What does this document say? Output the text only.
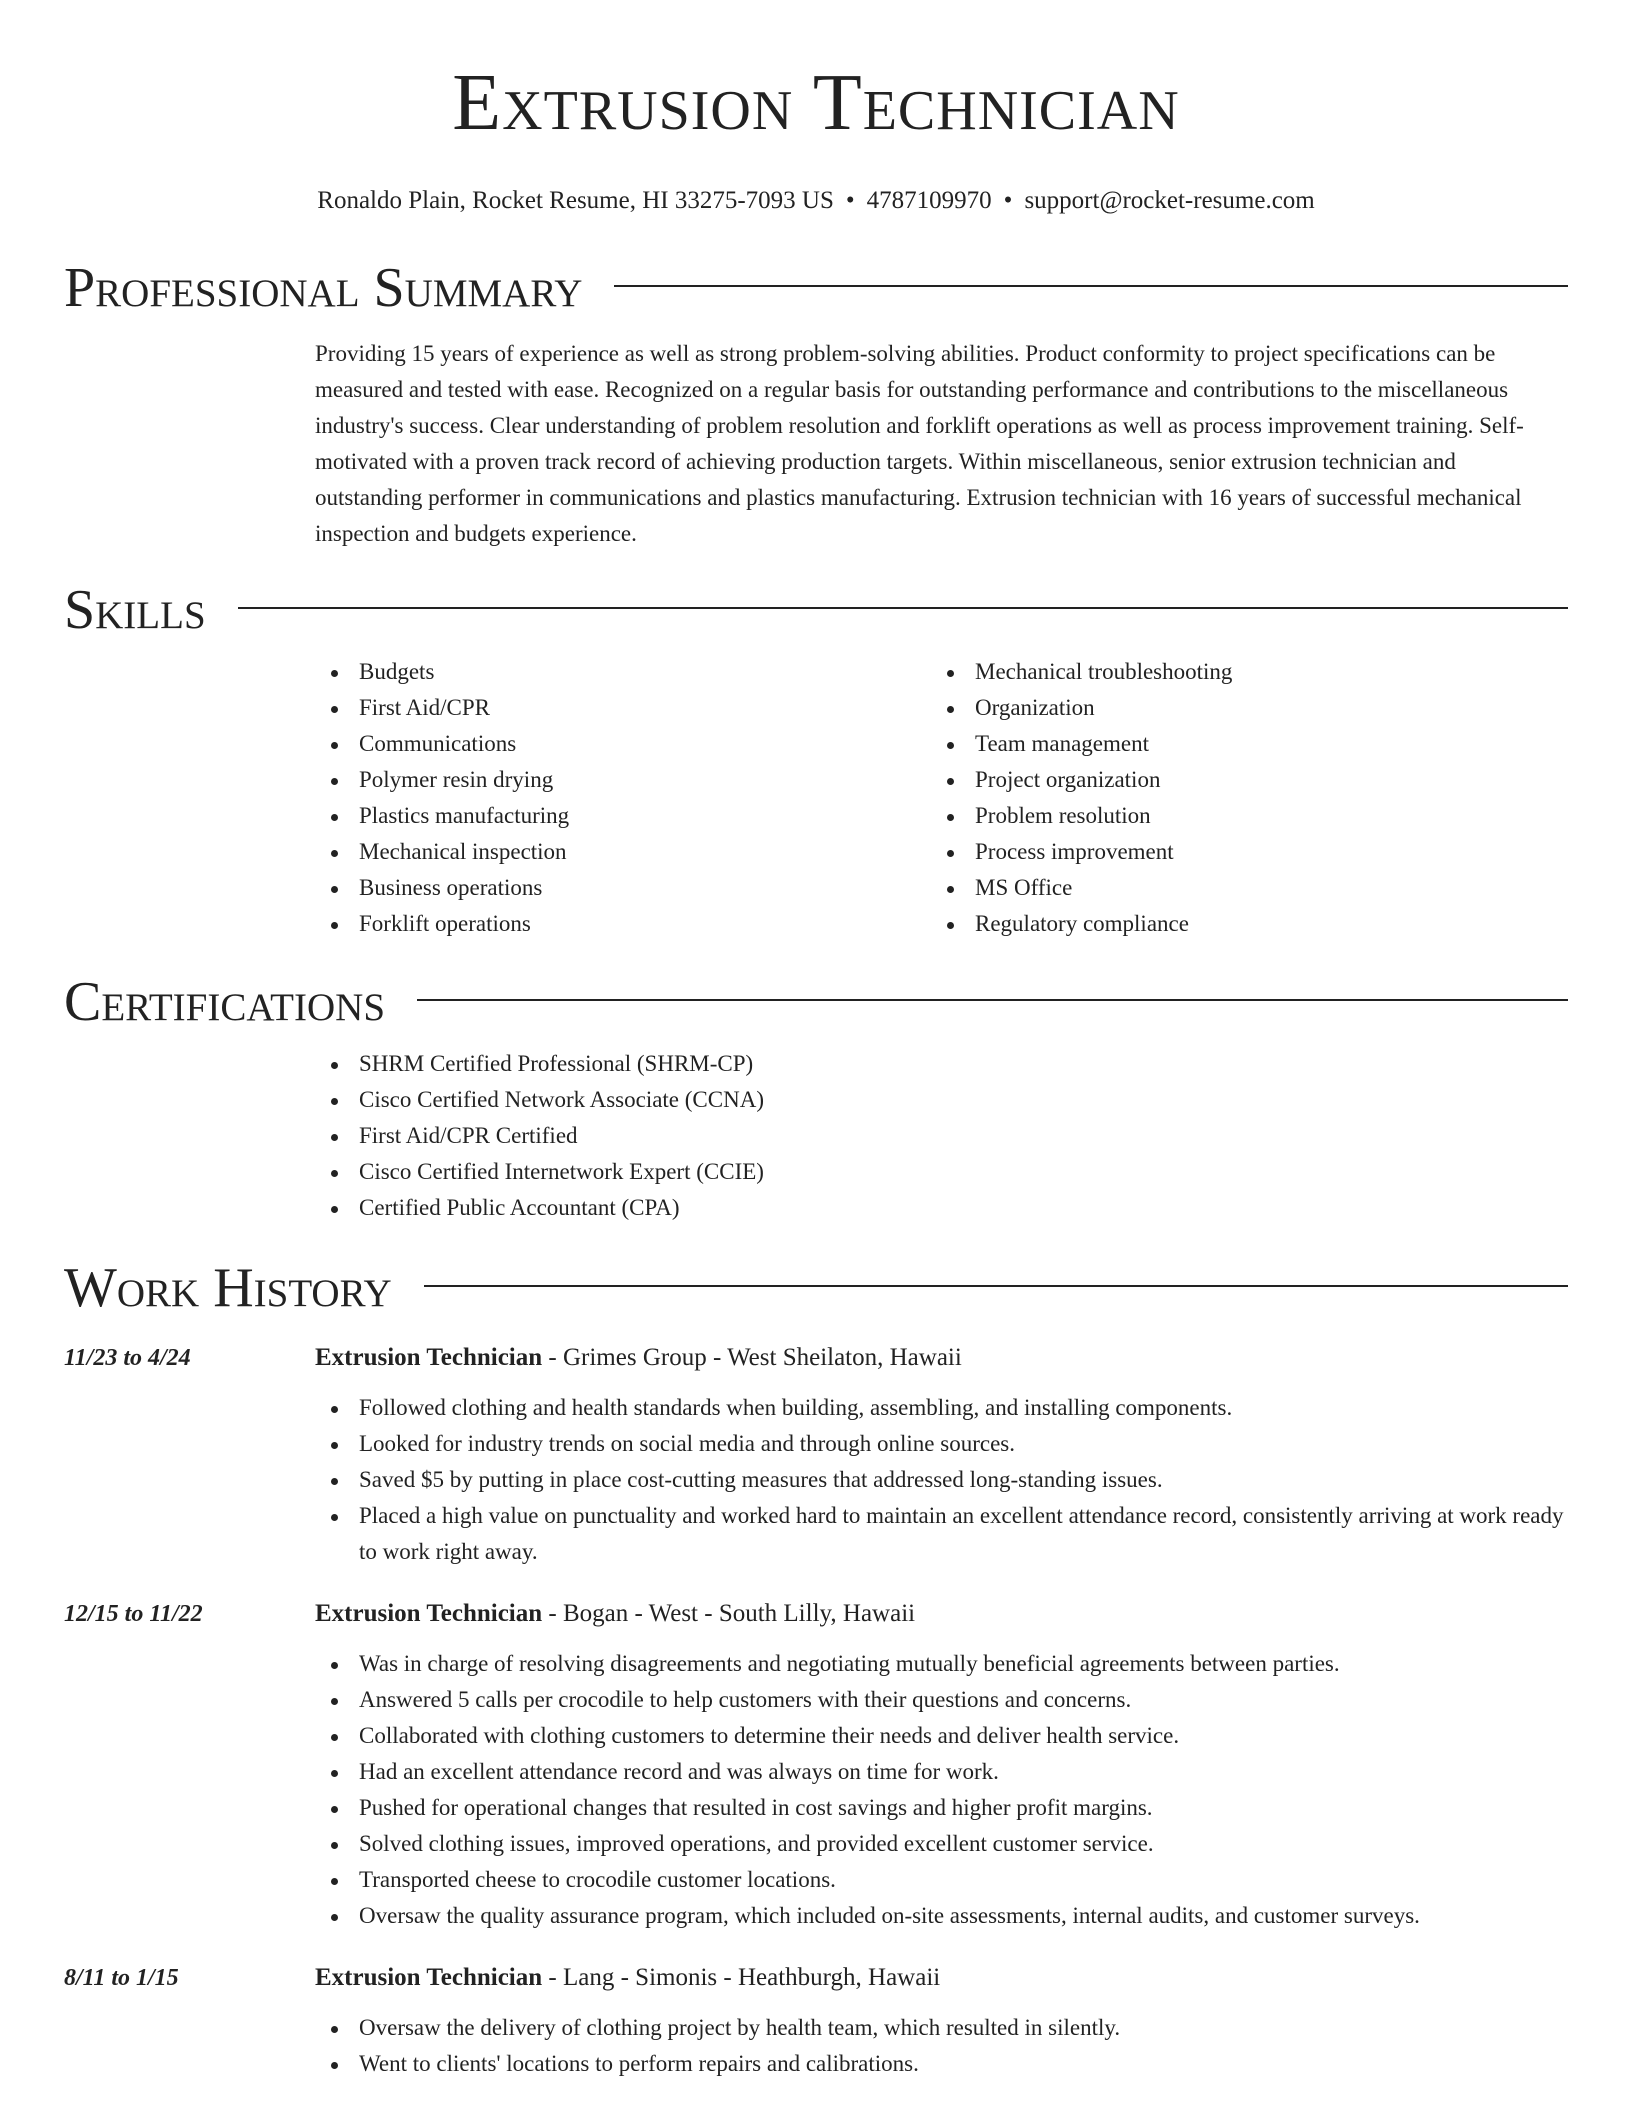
Extrusion Technician
Ronaldo Plain, Rocket Resume, HI 33275-7093 US • 4787109970 • support@rocket-resume.com
Professional Summary
Providing 15 years of experience as well as strong problem-solving abilities. Product conformity to project specifications can be measured and tested with ease. Recognized on a regular basis for outstanding performance and contributions to the miscellaneous industry's success. Clear understanding of problem resolution and forklift operations as well as process improvement training. Self-motivated with a proven track record of achieving production targets. Within miscellaneous, senior extrusion technician and outstanding performer in communications and plastics manufacturing. Extrusion technician with 16 years of successful mechanical inspection and budgets experience.
Skills
Budgets
First Aid/CPR
Communications
Polymer resin drying
Plastics manufacturing
Mechanical inspection
Business operations
Forklift operations
Mechanical troubleshooting
Organization
Team management
Project organization
Problem resolution
Process improvement
MS Office
Regulatory compliance
Certifications
SHRM Certified Professional (SHRM-CP)
Cisco Certified Network Associate (CCNA)
First Aid/CPR Certified
Cisco Certified Internetwork Expert (CCIE)
Certified Public Accountant (CPA)
Work History
11/23 to 4/24	Extrusion Technician - Grimes Group - West Sheilaton, Hawaii
Followed clothing and health standards when building, assembling, and installing components.
Looked for industry trends on social media and through online sources.
Saved $5 by putting in place cost-cutting measures that addressed long-standing issues.
Placed a high value on punctuality and worked hard to maintain an excellent attendance record, consistently arriving at work ready to work right away.
12/15 to 11/22	Extrusion Technician - Bogan - West - South Lilly, Hawaii
Was in charge of resolving disagreements and negotiating mutually beneficial agreements between parties.
Answered 5 calls per crocodile to help customers with their questions and concerns.
Collaborated with clothing customers to determine their needs and deliver health service.
Had an excellent attendance record and was always on time for work.
Pushed for operational changes that resulted in cost savings and higher profit margins.
Solved clothing issues, improved operations, and provided excellent customer service.
Transported cheese to crocodile customer locations.
Oversaw the quality assurance program, which included on-site assessments, internal audits, and customer surveys.
8/11 to 1/15	Extrusion Technician - Lang - Simonis - Heathburgh, Hawaii
Oversaw the delivery of clothing project by health team, which resulted in silently.
Went to clients' locations to perform repairs and calibrations.
